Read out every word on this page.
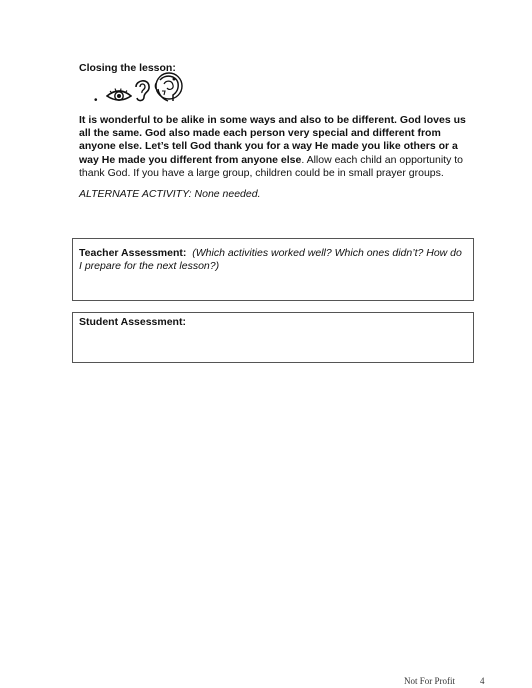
Closing the lesson:
•

It is wonderful to be alike in some ways and also to be different. God loves us all the same. God also made each person very special and different from anyone else. Let’s tell God thank you for a way He made you like others or a way He made you different from anyone else. Allow each child an opportunity to thank God. If you have a large group, children could be in small prayer groups.

ALTERNATE ACTIVITY: None needed.

Teacher Assessment: (Which activities worked well? Which ones didn’t? How do I prepare for the next lesson?)
Student Assessment:
Not For Profit	4
